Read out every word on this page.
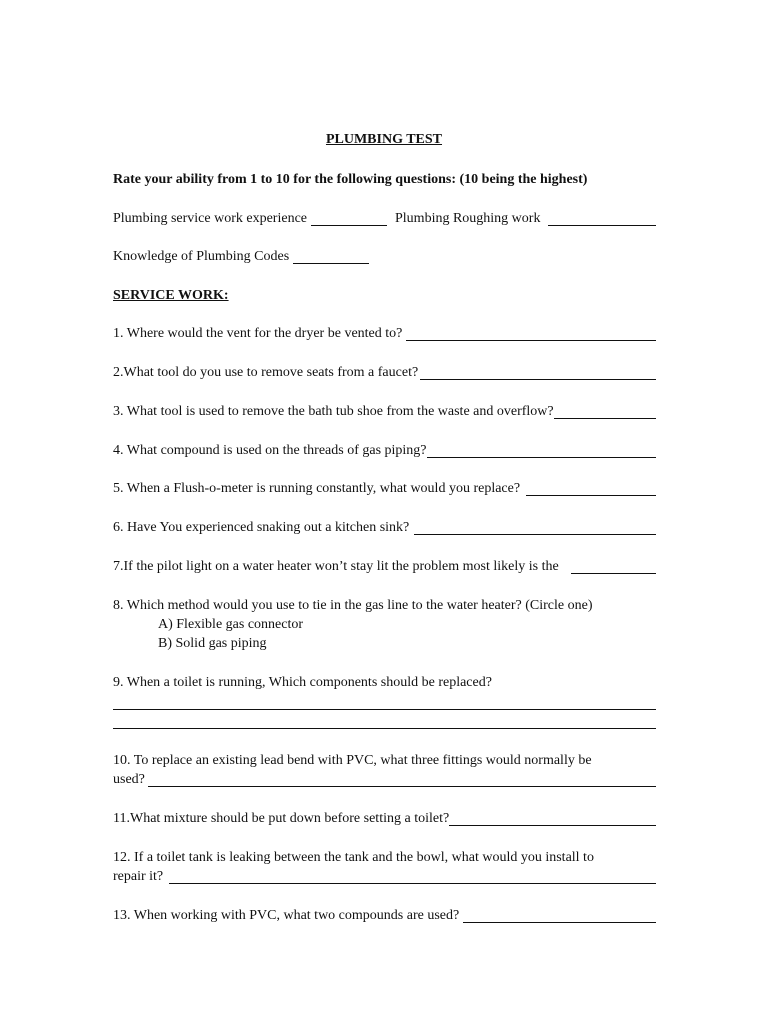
PLUMBING TEST
Rate your ability from 1 to 10 for the following questions: (10 being the highest)
Plumbing service work experience	Plumbing Roughing work
Knowledge of Plumbing Codes
SERVICE WORK:
1. Where would the vent for the dryer be vented to?
2.What tool do you use to remove seats from a faucet?
3. What tool is used to remove the bath tub shoe from the waste and overflow?
4. What compound is used on the threads of gas piping?
5. When a Flush-o-meter is running constantly, what would you replace?
6. Have You experienced snaking out a kitchen sink?
7.If the pilot light on a water heater won’t stay lit the problem most likely is the
8. Which method would you use to tie in the gas line to the water heater? (Circle one)
A) Flexible gas connector
B) Solid gas piping
9. When a toilet is running, Which components should be replaced?
10. To replace an existing lead bend with PVC, what three fittings would normally be
used?
11.What mixture should be put down before setting a toilet?
12. If a toilet tank is leaking between the tank and the bowl, what would you install to
repair it?
13. When working with PVC, what two compounds are used?
